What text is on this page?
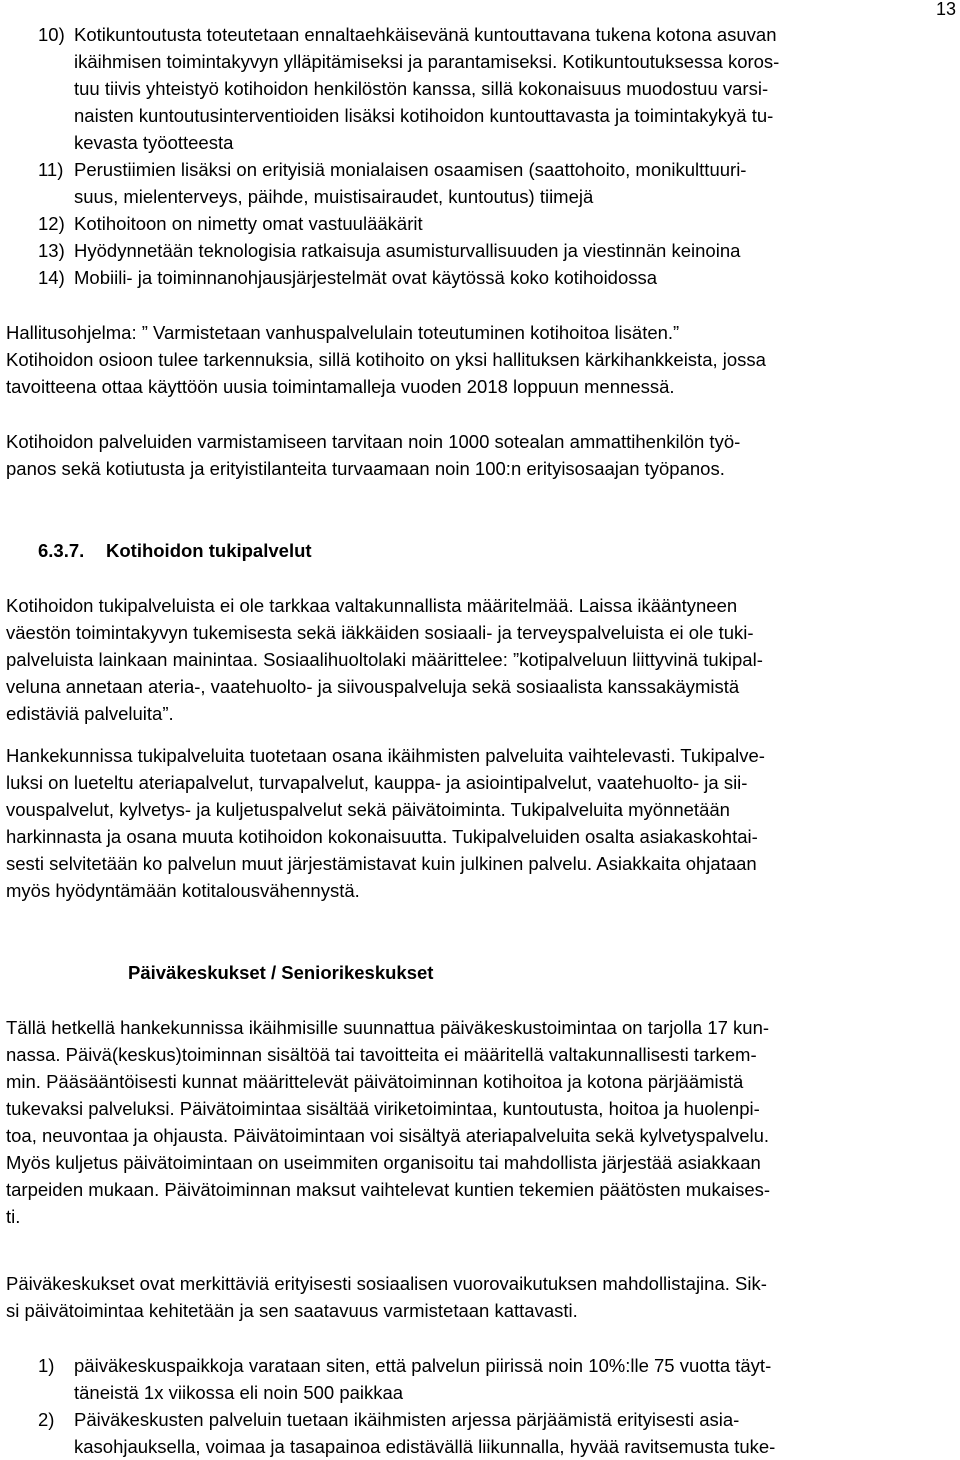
13
10) Kotikuntoutusta toteutetaan ennaltaehkäisevänä kuntouttavana tukena kotona asuvan
ikäihmisen toimintakyvyn ylläpitämiseksi ja parantamiseksi. Kotikuntoutuksessa koros-
tuu tiivis yhteistyö kotihoidon henkilöstön kanssa, sillä kokonaisuus muodostuu varsi-
naisten kuntoutusinterventioiden lisäksi kotihoidon kuntouttavasta ja toimintakykyä tu-
kevasta työotteesta
11) Perustiimien lisäksi on erityisiä monialaisen osaamisen (saattohoito, monikulttuuri-
suus, mielenterveys, päihde, muistisairaudet, kuntoutus) tiimejä
12) Kotihoitoon on nimetty omat vastuulääkärit
13) Hyödynnetään teknologisia ratkaisuja asumisturvallisuuden ja viestinnän keinoina
14) Mobiili- ja toiminnanohjausjärjestelmät ovat käytössä koko kotihoidossa
Hallitusohjelma: ” Varmistetaan vanhuspalvelulain toteutuminen kotihoitoa lisäten.”
Kotihoidon osioon tulee tarkennuksia, sillä kotihoito on yksi hallituksen kärkihankkeista, jossa
tavoitteena ottaa käyttöön uusia toimintamalleja vuoden 2018 loppuun mennessä.
Kotihoidon palveluiden varmistamiseen tarvitaan noin 1000 sotealan ammattihenkilön työ-
panos sekä kotiutusta ja erityistilanteita turvaamaan noin 100:n erityisosaajan työpanos.
6.3.7. Kotihoidon tukipalvelut
Kotihoidon tukipalveluista ei ole tarkkaa valtakunnallista määritelmää. Laissa ikääntyneen
väestön toimintakyvyn tukemisesta sekä iäkkäiden sosiaali- ja terveyspalveluista ei ole tuki-
palveluista lainkaan mainintaa. Sosiaalihuoltolaki määrittelee: ”kotipalveluun liittyvinä tukipal-
veluna annetaan ateria-, vaatehuolto- ja siivouspalveluja sekä sosiaalista kanssakäymistä
edistäviä palveluita”.
Hankekunnissa tukipalveluita tuotetaan osana ikäihmisten palveluita vaihtelevasti. Tukipalve-
luksi on lueteltu ateriapalvelut, turvapalvelut, kauppa- ja asiointipalvelut, vaatehuolto- ja sii-
vouspalvelut, kylvetys- ja kuljetuspalvelut sekä päivätoiminta. Tukipalveluita myönnetään
harkinnasta ja osana muuta kotihoidon kokonaisuutta. Tukipalveluiden osalta asiakaskohtai-
sesti selvitetään ko palvelun muut järjestämistavat kuin julkinen palvelu. Asiakkaita ohjataan
myös hyödyntämään kotitalousvähennystä.
Päiväkeskukset / Seniorikeskukset
Tällä hetkellä hankekunnissa ikäihmisille suunnattua päiväkeskustoimintaa on tarjolla 17 kun-
nassa. Päivä(keskus)toiminnan sisältöä tai tavoitteita ei määritellä valtakunnallisesti tarkem-
min. Pääsääntöisesti kunnat määrittelevät päivätoiminnan kotihoitoa ja kotona pärjäämistä
tukevaksi palveluksi. Päivätoimintaa sisältää viriketoimintaa, kuntoutusta, hoitoa ja huolenpi-
toa, neuvontaa ja ohjausta. Päivätoimintaan voi sisältyä ateriapalveluita sekä kylvetyspalvelu.
Myös kuljetus päivätoimintaan on useimmiten organisoitu tai mahdollista järjestää asiakkaan
tarpeiden mukaan. Päivätoiminnan maksut vaihtelevat kuntien tekemien päätösten mukaises-
ti.
Päiväkeskukset ovat merkittäviä erityisesti sosiaalisen vuorovaikutuksen mahdollistajina. Sik-
si päivätoimintaa kehitetään ja sen saatavuus varmistetaan kattavasti.
1) päiväkeskuspaikkoja varataan siten, että palvelun piirissä noin 10%:lle 75 vuotta täyt-
täneistä 1x viikossa eli noin 500 paikkaa
2) Päiväkeskusten palveluin tuetaan ikäihmisten arjessa pärjäämistä erityisesti asia-
kasohjauksella, voimaa ja tasapainoa edistävällä liikunnalla, hyvää ravitsemusta tuke-
